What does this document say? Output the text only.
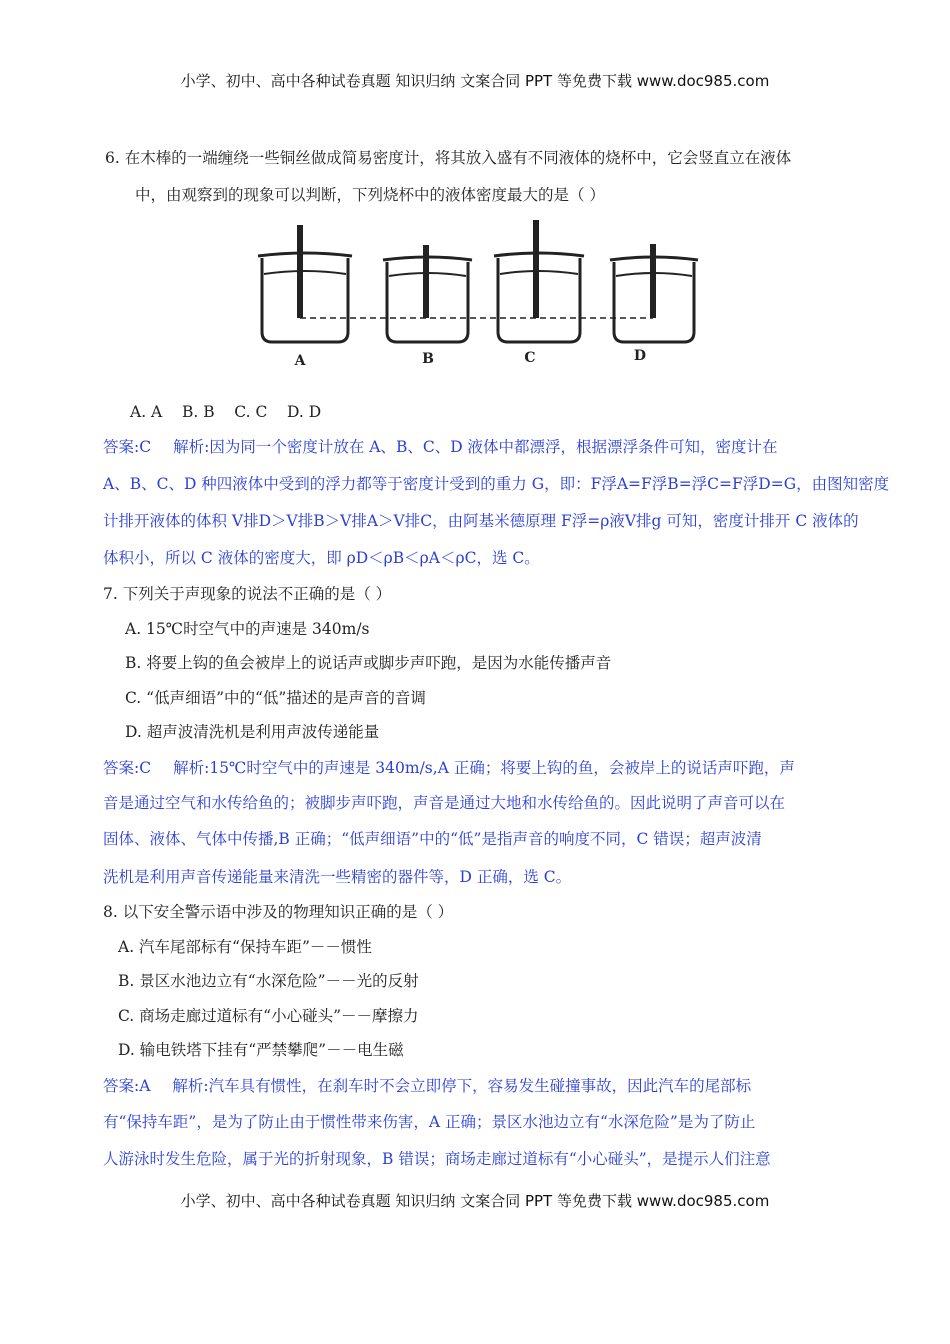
小学、初中、高中各种试卷真题 知识归纳 文案合同 PPT 等免费下载 www.doc985.com
6. 在木棒的一端缠绕一些铜丝做成简易密度计，将其放入盛有不同液体的烧杯中，它会竖直立在液体
中，由观察到的现象可以判断，下列烧杯中的液体密度最大的是（ ）
A	B	C	D
A. A    B. B    C. C    D. D
答案:C 解析:因为同一个密度计放在 A、B、C、D 液体中都漂浮，根据漂浮条件可知，密度计在
A、B、C、D 种四液体中受到的浮力都等于密度计受到的重力 G，即：F浮A=F浮B=浮C=F浮D=G，由图知密度
计排开液体的体积 V排D＞V排B＞V排A＞V排C，由阿基米德原理 F浮=ρ液V排g 可知，密度计排开 C 液体的
体积小，所以 C 液体的密度大，即 ρD＜ρB＜ρA＜ρC，选 C。
7. 下列关于声现象的说法不正确的是（ ）
A. 15℃时空气中的声速是 340m/s
B. 将要上钩的鱼会被岸上的说话声或脚步声吓跑，是因为水能传播声音
C. “低声细语”中的“低”描述的是声音的音调
D. 超声波清洗机是利用声波传递能量
答案:C 解析:15℃时空气中的声速是 340m/s,A 正确；将要上钩的鱼，会被岸上的说话声吓跑，声
音是通过空气和水传给鱼的；被脚步声吓跑，声音是通过大地和水传给鱼的。因此说明了声音可以在
固体、液体、气体中传播,B 正确；“低声细语”中的“低”是指声音的响度不同，C 错误；超声波清
洗机是利用声音传递能量来清洗一些精密的器件等，D 正确，选 C。
8. 以下安全警示语中涉及的物理知识正确的是（ ）
A. 汽车尾部标有“保持车距”－－惯性
B. 景区水池边立有“水深危险”－－光的反射
C. 商场走廊过道标有“小心碰头”－－摩擦力
D. 输电铁塔下挂有“严禁攀爬”－－电生磁
答案:A 解析:汽车具有惯性，在刹车时不会立即停下，容易发生碰撞事故，因此汽车的尾部标
有“保持车距”，是为了防止由于惯性带来伤害，A 正确；景区水池边立有“水深危险”是为了防止
人游泳时发生危险，属于光的折射现象，B 错误；商场走廊过道标有“小心碰头”，是提示人们注意
小学、初中、高中各种试卷真题 知识归纳 文案合同 PPT 等免费下载 www.doc985.com
